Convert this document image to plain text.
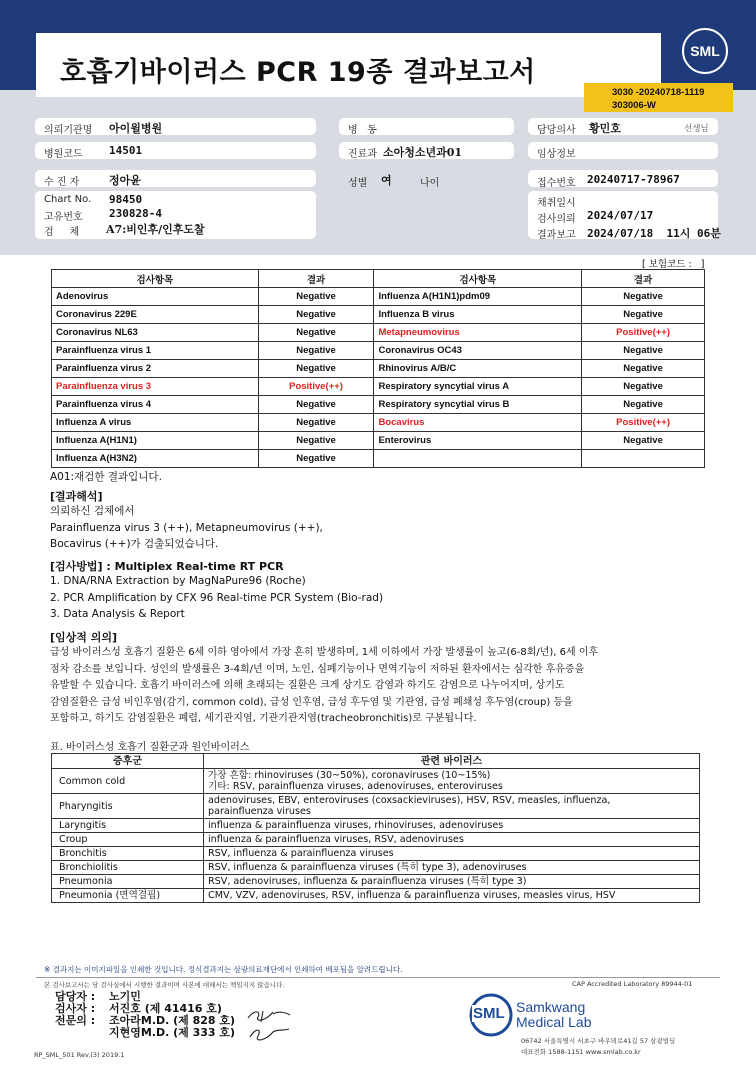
호흡기바이러스 PCR 19종 결과보고서
SML
3030 -20240718-1119
303006-W
의뢰기관명 아이윌병원
병원코드 14501
수 진 자	정아윤
Chart No. 98450
고유번호 230828-4
검     체 A7:비인후/인후도찰
병   동
진료과 소아청소년과01
성별 여	나이
담당의사 황민호	선생님
임상정보
접수번호 20240717-78967
채취일시
검사의뢰 2024/07/17
결과보고 2024/07/18  11시 06분
[ 보험코드 :   ]
검사항목	결과	검사항목	결과
Adenovirus	Negative	Influenza A(H1N1)pdm09	Negative
Coronavirus 229E	Negative	Influenza B virus	Negative
Coronavirus NL63	Negative	Metapneumovirus	Positive(++)
Parainfluenza virus 1	Negative	Coronavirus OC43	Negative
Parainfluenza virus 2	Negative	Rhinovirus A/B/C	Negative
Parainfluenza virus 3	Positive(++)	Respiratory syncytial virus A	Negative
Parainfluenza virus 4	Negative	Respiratory syncytial virus B	Negative
Influenza A virus	Negative	Bocavirus	Positive(++)
Influenza A(H1N1)	Negative	Enterovirus	Negative
Influenza A(H3N2)	Negative		
A01:재검한 결과입니다.
[결과해석]
의뢰하신 검체에서
Parainfluenza virus 3 (++), Metapneumovirus (++),
Bocavirus (++)가 검출되었습니다.
[검사방법] : Multiplex Real-time RT PCR
1. DNA/RNA Extraction by MagNaPure96 (Roche)
2. PCR Amplification by CFX 96 Real-time PCR System (Bio-rad)
3. Data Analysis & Report
[임상적 의의]
급성 바이러스성 호흡기 질환은 6세 이하 영아에서 가장 흔히 발생하며, 1세 이하에서 가장 발생률이 높고(6-8회/년), 6세 이후
점차 감소를 보입니다. 성인의 발생률은 3-4회/년 이며, 노인, 심폐기능이나 면역기능이 저하된 환자에서는 심각한 후유증을
유발할 수 있습니다. 호흡기 바이러스에 의해 초래되는 질환은 크게 상기도 감염과 하기도 감염으로 나누어지며, 상기도
감염질환은 급성 비인후염(감기, common cold), 급성 인후염, 급성 후두염 및 기관염, 급성 폐쇄성 후두염(croup) 등을
포함하고, 하기도 감염질환은 폐렴, 세기관지염, 기관기관지염(tracheobronchitis)로 구분됩니다.
표. 바이러스성 호흡기 질환군과 원인바이러스
증후군	관련 바이러스
Common cold	가장 흔함: rhinoviruses (30~50%), coronaviruses (10~15%)
기타: RSV, parainfluenza viruses, adenoviruses, enteroviruses

Pharyngitis	adenoviruses, EBV, enteroviruses (coxsackieviruses), HSV, RSV, measles, influenza,
parainfluenza viruses

Laryngitis	influenza & parainfluenza viruses, rhinoviruses, adenoviruses

Croup	influenza & parainfluenza viruses, RSV, adenoviruses

Bronchitis	RSV, influenza & parainfluenza viruses

Bronchiolitis	RSV, influenza & parainfluenza viruses (특히 type 3), adenoviruses

Pneumonia	RSV, adenoviruses, influenza & parainfluenza viruses (특히 type 3)

Pneumonia (면역결핍)	CMV, VZV, adenoviruses, RSV, influenza & parainfluenza viruses, measles virus, HSV
※ 결과지는 이미지파일을 인쇄한 것입니다. 정식결과지는 삼광의료재단에서 인쇄하여 배포됨을 알려드립니다.
본 검사보고서는 당 검사실에서 시행한 결과이며 사본에 대해서는 책임지지 않습니다.	CAP Accredited Laboratory 89944-01
담당자 : 노기민
검사자 : 서진호 (제 41416 호)
전문의 : 조아라M.D. (제 828 호)
지현영M.D. (제 333 호)
SML Samkwang
Medical Lab
06742 서울특별시 서초구 바우뫼로41길 57 삼광빌딩
대표전화 1588-1151 www.smlab.co.kr
RP_SML_501 Rev.(3) 2019.1
